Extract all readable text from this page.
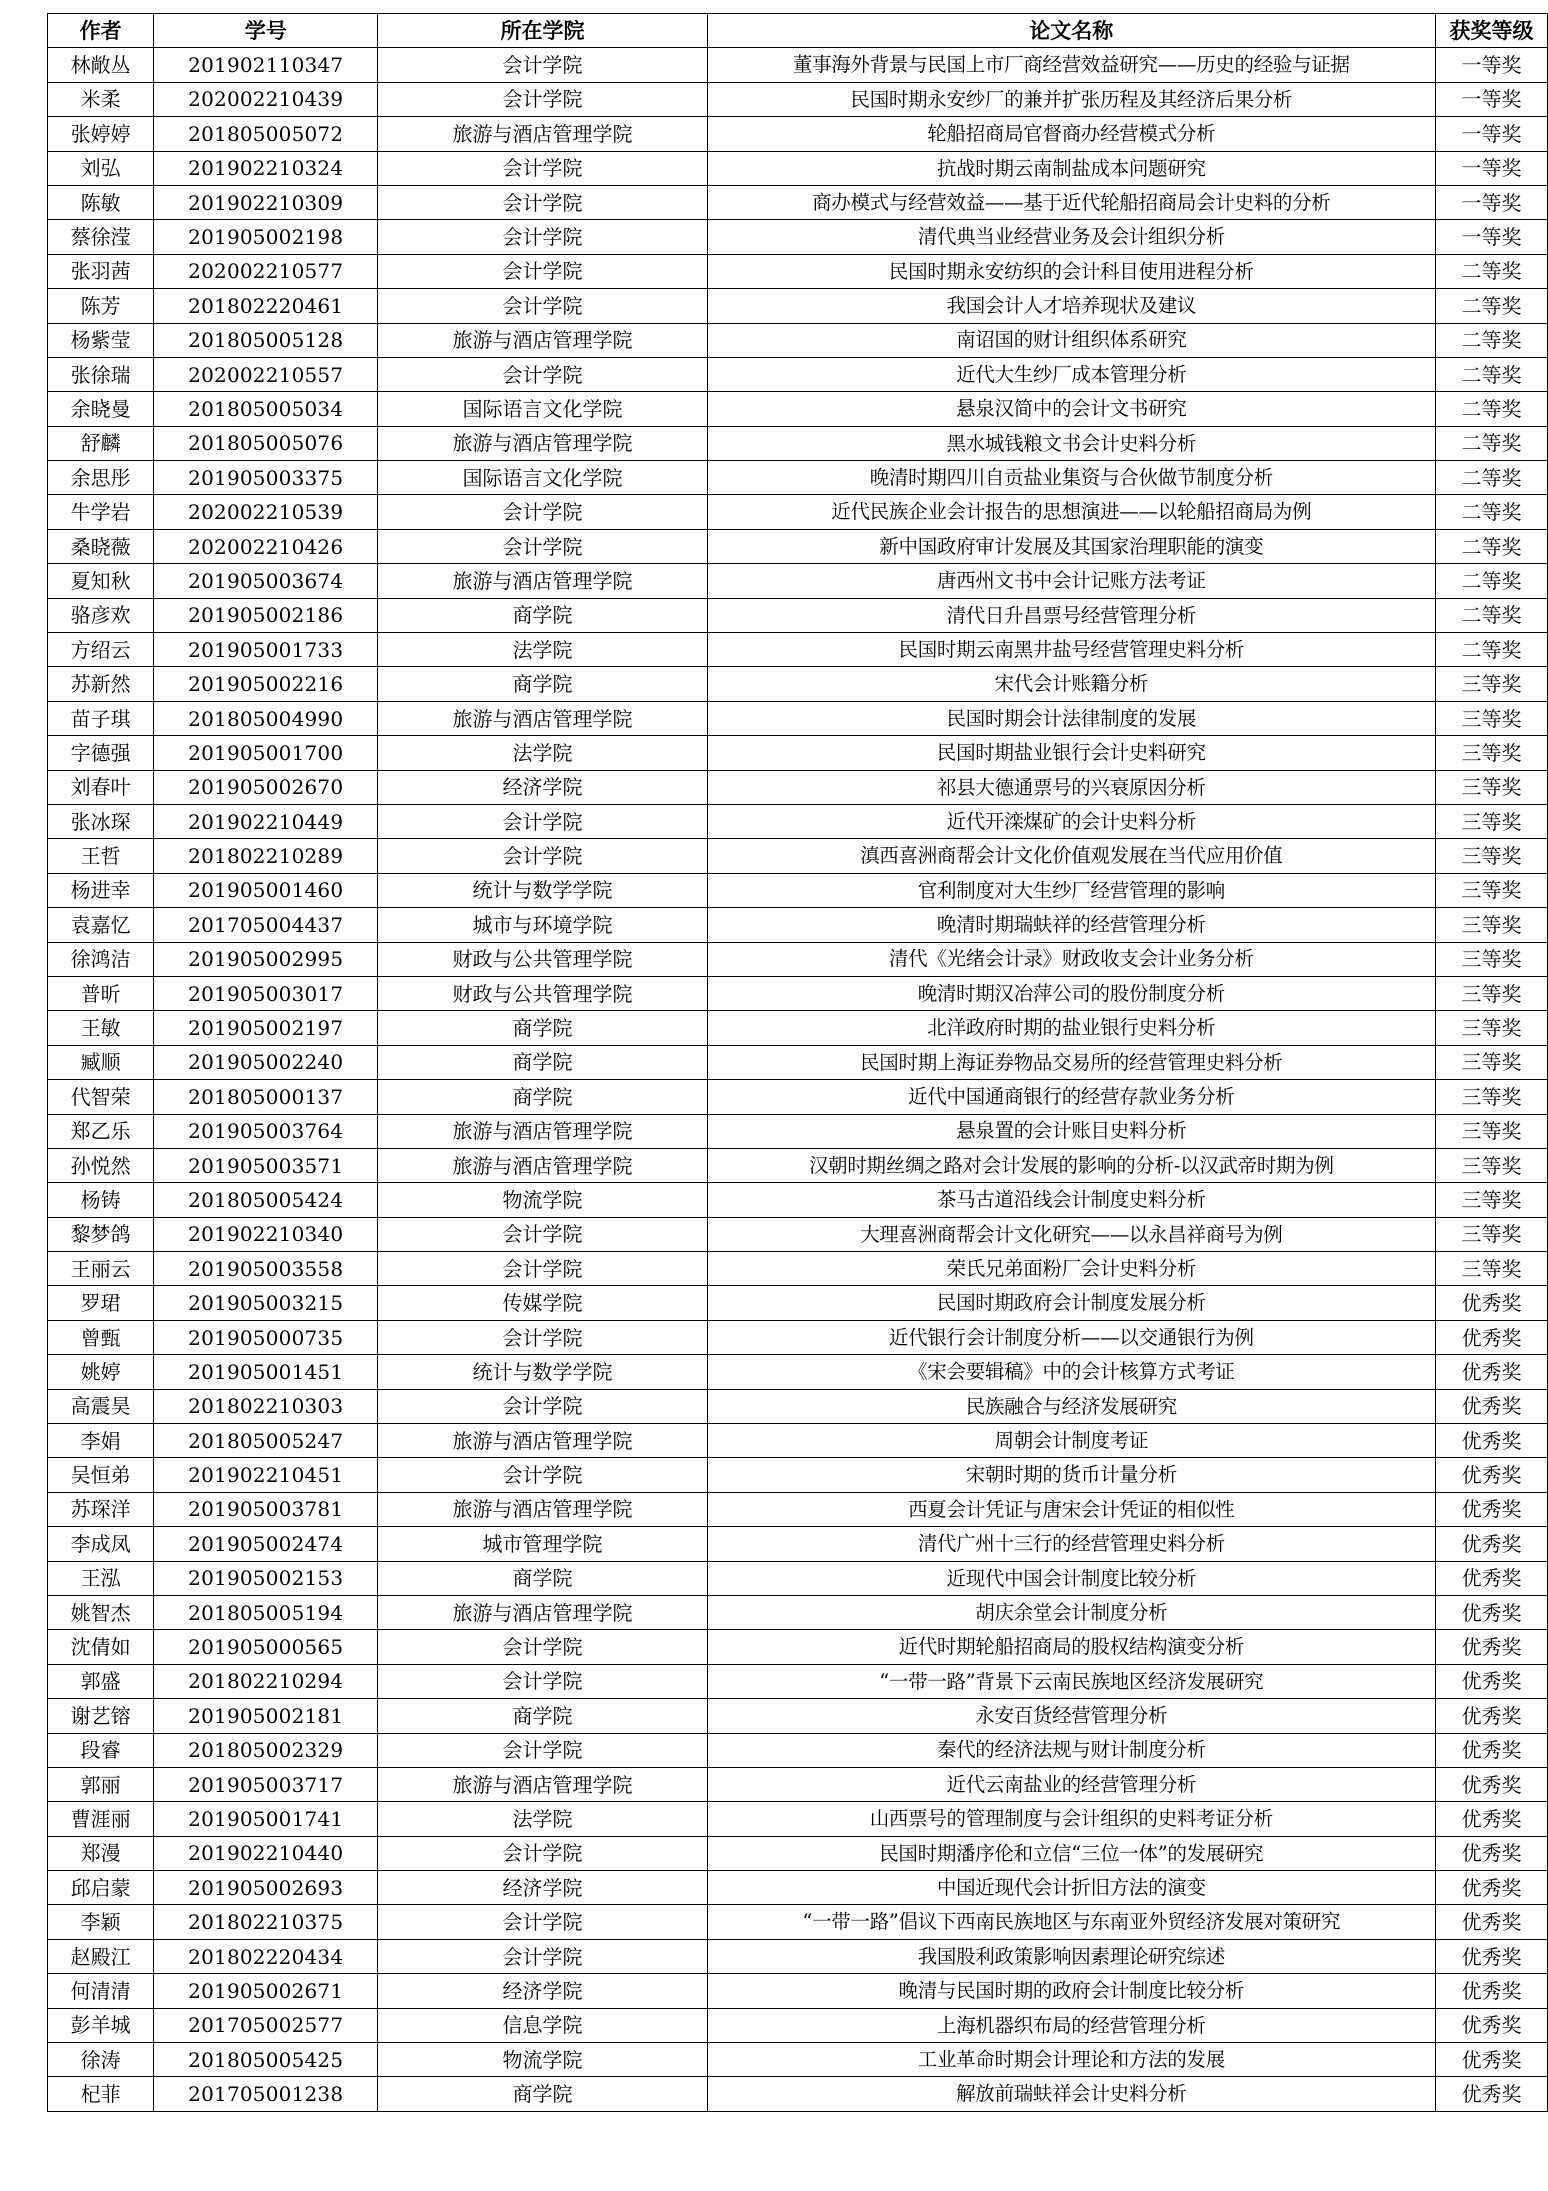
作者	学号	所在学院	论文名称	获奖等级
林敞丛	201902110347	会计学院	董事海外背景与民国上市厂商经营效益研究——历史的经验与证据	一等奖
米柔	202002210439	会计学院	民国时期永安纱厂的兼并扩张历程及其经济后果分析	一等奖
张婷婷	201805005072	旅游与酒店管理学院	轮船招商局官督商办经营模式分析	一等奖
刘弘	201902210324	会计学院	抗战时期云南制盐成本问题研究	一等奖
陈敏	201902210309	会计学院	商办模式与经营效益——基于近代轮船招商局会计史料的分析	一等奖
蔡徐滢	201905002198	会计学院	清代典当业经营业务及会计组织分析	一等奖
张羽茜	202002210577	会计学院	民国时期永安纺织的会计科目使用进程分析	二等奖
陈芳	201802220461	会计学院	我国会计人才培养现状及建议	二等奖
杨紫莹	201805005128	旅游与酒店管理学院	南诏国的财计组织体系研究	二等奖
张徐瑞	202002210557	会计学院	近代大生纱厂成本管理分析	二等奖
余晓曼	201805005034	国际语言文化学院	悬泉汉简中的会计文书研究	二等奖
舒麟	201805005076	旅游与酒店管理学院	黑水城钱粮文书会计史料分析	二等奖
余思彤	201905003375	国际语言文化学院	晚清时期四川自贡盐业集资与合伙做节制度分析	二等奖
牛学岩	202002210539	会计学院	近代民族企业会计报告的思想演进——以轮船招商局为例	二等奖
桑晓薇	202002210426	会计学院	新中国政府审计发展及其国家治理职能的演变	二等奖
夏知秋	201905003674	旅游与酒店管理学院	唐西州文书中会计记账方法考证	二等奖
骆彦欢	201905002186	商学院	清代日升昌票号经营管理分析	二等奖
方绍云	201905001733	法学院	民国时期云南黑井盐号经营管理史料分析	二等奖
苏新然	201905002216	商学院	宋代会计账籍分析	三等奖
苗子琪	201805004990	旅游与酒店管理学院	民国时期会计法律制度的发展	三等奖
字德强	201905001700	法学院	民国时期盐业银行会计史料研究	三等奖
刘春叶	201905002670	经济学院	祁县大德通票号的兴衰原因分析	三等奖
张冰琛	201902210449	会计学院	近代开滦煤矿的会计史料分析	三等奖
王哲	201802210289	会计学院	滇西喜洲商帮会计文化价值观发展在当代应用价值	三等奖
杨进幸	201905001460	统计与数学学院	官利制度对大生纱厂经营管理的影响	三等奖
袁嘉忆	201705004437	城市与环境学院	晚清时期瑞蚨祥的经营管理分析	三等奖
徐鸿洁	201905002995	财政与公共管理学院	清代《光绪会计录》财政收支会计业务分析	三等奖
普昕	201905003017	财政与公共管理学院	晚清时期汉冶萍公司的股份制度分析	三等奖
王敏	201905002197	商学院	北洋政府时期的盐业银行史料分析	三等奖
臧顺	201905002240	商学院	民国时期上海证券物品交易所的经营管理史料分析	三等奖
代智荣	201805000137	商学院	近代中国通商银行的经营存款业务分析	三等奖
郑乙乐	201905003764	旅游与酒店管理学院	悬泉置的会计账目史料分析	三等奖
孙悦然	201905003571	旅游与酒店管理学院	汉朝时期丝绸之路对会计发展的影响的分析-以汉武帝时期为例	三等奖
杨铸	201805005424	物流学院	茶马古道沿线会计制度史料分析	三等奖
黎梦鸽	201902210340	会计学院	大理喜洲商帮会计文化研究——以永昌祥商号为例	三等奖
王丽云	201905003558	会计学院	荣氏兄弟面粉厂会计史料分析	三等奖
罗珺	201905003215	传媒学院	民国时期政府会计制度发展分析	优秀奖
曾甄	201905000735	会计学院	近代银行会计制度分析——以交通银行为例	优秀奖
姚婷	201905001451	统计与数学学院	《宋会要辑稿》中的会计核算方式考证	优秀奖
高震昊	201802210303	会计学院	民族融合与经济发展研究	优秀奖
李娟	201805005247	旅游与酒店管理学院	周朝会计制度考证	优秀奖
吴恒弟	201902210451	会计学院	宋朝时期的货币计量分析	优秀奖
苏琛洋	201905003781	旅游与酒店管理学院	西夏会计凭证与唐宋会计凭证的相似性	优秀奖
李成凤	201905002474	城市管理学院	清代广州十三行的经营管理史料分析	优秀奖
王泓	201905002153	商学院	近现代中国会计制度比较分析	优秀奖
姚智杰	201805005194	旅游与酒店管理学院	胡庆余堂会计制度分析	优秀奖
沈倩如	201905000565	会计学院	近代时期轮船招商局的股权结构演变分析	优秀奖
郭盛	201802210294	会计学院	“一带一路”背景下云南民族地区经济发展研究	优秀奖
谢艺镕	201905002181	商学院	永安百货经营管理分析	优秀奖
段睿	201805002329	会计学院	秦代的经济法规与财计制度分析	优秀奖
郭丽	201905003717	旅游与酒店管理学院	近代云南盐业的经营管理分析	优秀奖
曹涯丽	201905001741	法学院	山西票号的管理制度与会计组织的史料考证分析	优秀奖
郑漫	201902210440	会计学院	民国时期潘序伦和立信“三位一体”的发展研究	优秀奖
邱启蒙	201905002693	经济学院	中国近现代会计折旧方法的演变	优秀奖
李颖	201802210375	会计学院	“一带一路”倡议下西南民族地区与东南亚外贸经济发展对策研究	优秀奖
赵殿江	201802220434	会计学院	我国股利政策影响因素理论研究综述	优秀奖
何清清	201905002671	经济学院	晚清与民国时期的政府会计制度比较分析	优秀奖
彭羊城	201705002577	信息学院	上海机器织布局的经营管理分析	优秀奖
徐涛	201805005425	物流学院	工业革命时期会计理论和方法的发展	优秀奖
杞菲	201705001238	商学院	解放前瑞蚨祥会计史料分析	优秀奖
